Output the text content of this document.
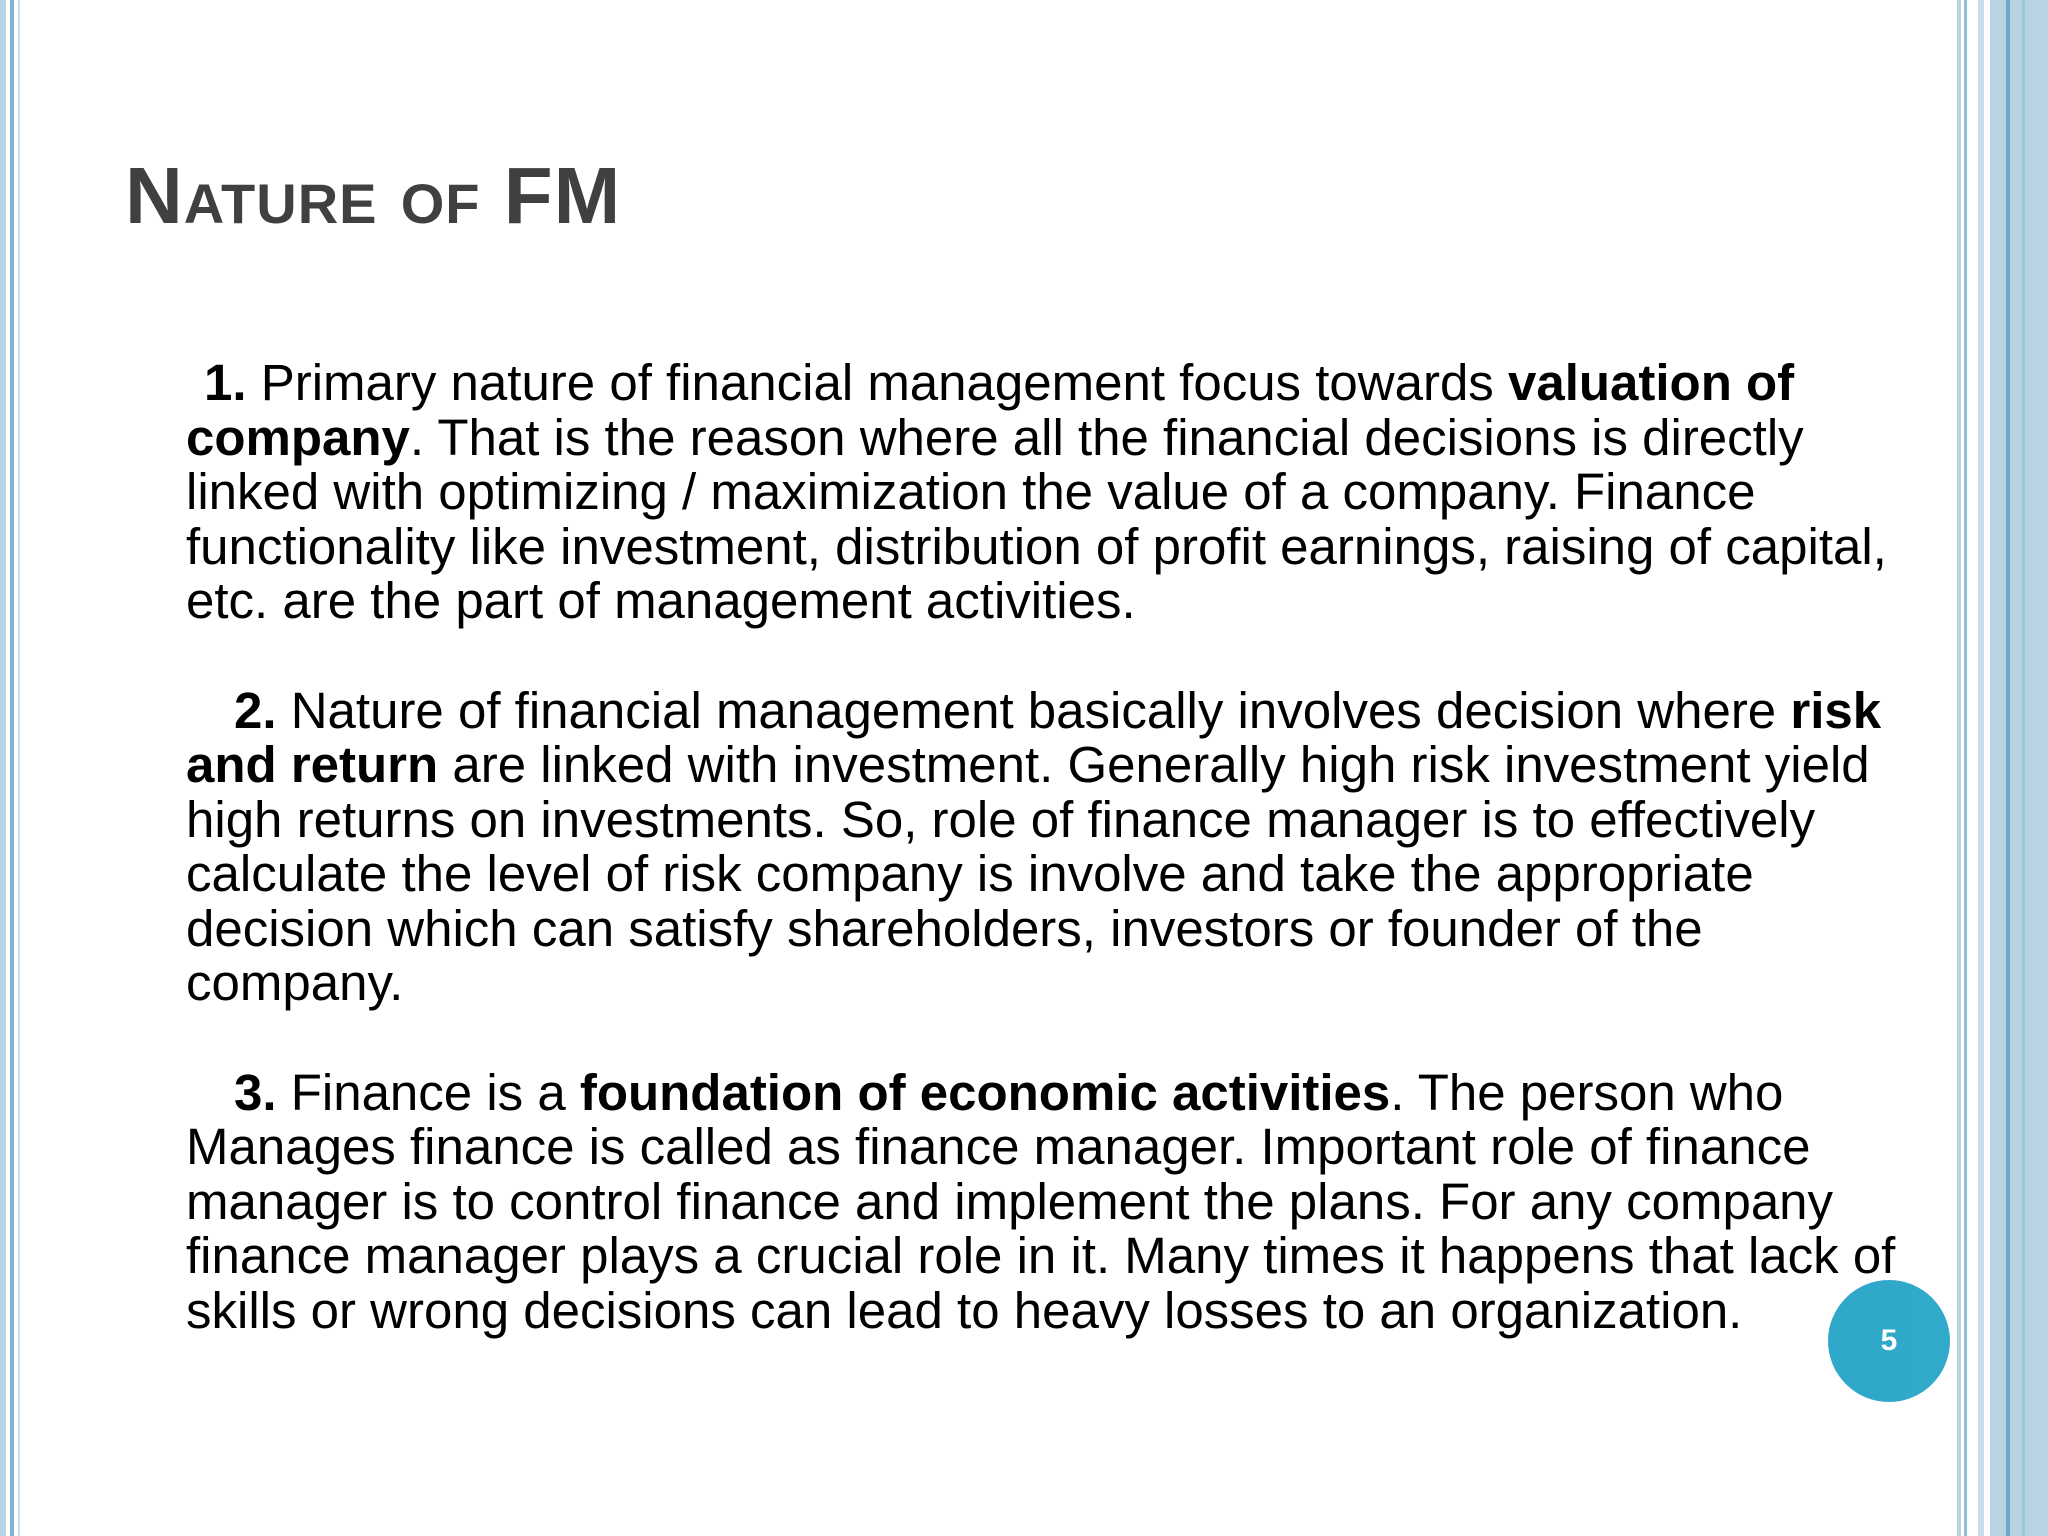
Nature of FM

1. Primary nature of financial management focus towards valuation of company. That is the reason where all the financial decisions is directly linked with optimizing / maximization the value of a company. Finance functionality like investment, distribution of profit earnings, raising of capital, etc. are the part of management activities.

2. Nature of financial management basically involves decision where risk and return are linked with investment. Generally high risk investment yield high returns on investments. So, role of finance manager is to effectively calculate the level of risk company is involve and take the appropriate decision which can satisfy shareholders, investors or founder of the company.

3. Finance is a foundation of economic activities. The person who Manages finance is called as finance manager. Important role of finance manager is to control finance and implement the plans. For any company finance manager plays a crucial role in it. Many times it happens that lack of skills or wrong decisions can lead to heavy losses to an organization.

5
